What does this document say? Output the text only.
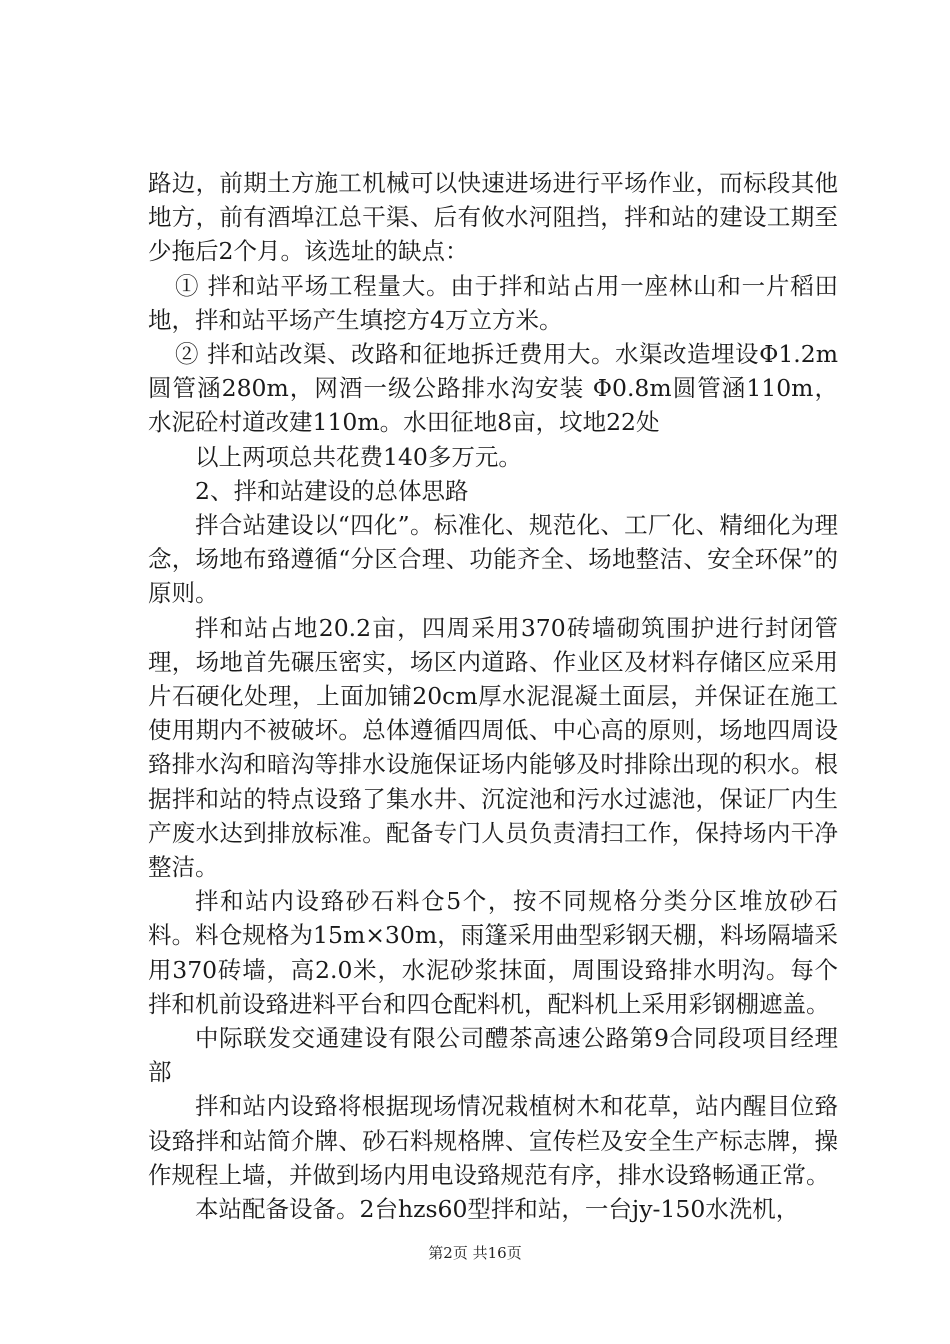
路边，前期土方施工机械可以快速进场进行平场作业，而标段其他地方，前有酒埠江总干渠、后有攸水河阻挡，拌和站的建设工期至少拖后2个月。该选址的缺点：

① 拌和站平场工程量大。由于拌和站占用一座林山和一片稻田地，拌和站平场产生填挖方4万立方米。

② 拌和站改渠、改路和征地拆迁费用大。水渠改造埋设Φ1.2m圆管涵280m，网酒一级公路排水沟安装 Φ0.8m圆管涵110m，水泥砼村道改建110m。水田征地8亩，坟地22处

以上两项总共花费140多万元。

2、拌和站建设的总体思路

拌合站建设以“四化”。标准化、规范化、工厂化、精细化为理念，场地布臵遵循“分区合理、功能齐全、场地整洁、安全环保”的原则。

拌和站占地20.2亩，四周采用370砖墙砌筑围护进行封闭管理，场地首先碾压密实，场区内道路、作业区及材料存储区应采用片石硬化处理，上面加铺20cm厚水泥混凝土面层，并保证在施工使用期内不被破坏。总体遵循四周低、中心高的原则，场地四周设臵排水沟和暗沟等排水设施保证场内能够及时排除出现的积水。根据拌和站的特点设臵了集水井、沉淀池和污水过滤池，保证厂内生产废水达到排放标准。配备专门人员负责清扫工作，保持场内干净整洁。

拌和站内设臵砂石料仓5个，按不同规格分类分区堆放砂石料。料仓规格为15m×30m，雨篷采用曲型彩钢天棚，料场隔墙采用370砖墙，高2.0米，水泥砂浆抹面，周围设臵排水明沟。每个拌和机前设臵进料平台和四仓配料机，配料机上采用彩钢棚遮盖。

中际联发交通建设有限公司醴茶高速公路第9合同段项目经理部

拌和站内设臵将根据现场情况栽植树木和花草，站内醒目位臵设臵拌和站简介牌、砂石料规格牌、宣传栏及安全生产标志牌，操作规程上墙，并做到场内用电设臵规范有序，排水设臵畅通正常。

本站配备设备。2台hzs60型拌和站，一台jy-150水洗机，

第2页 共16页
